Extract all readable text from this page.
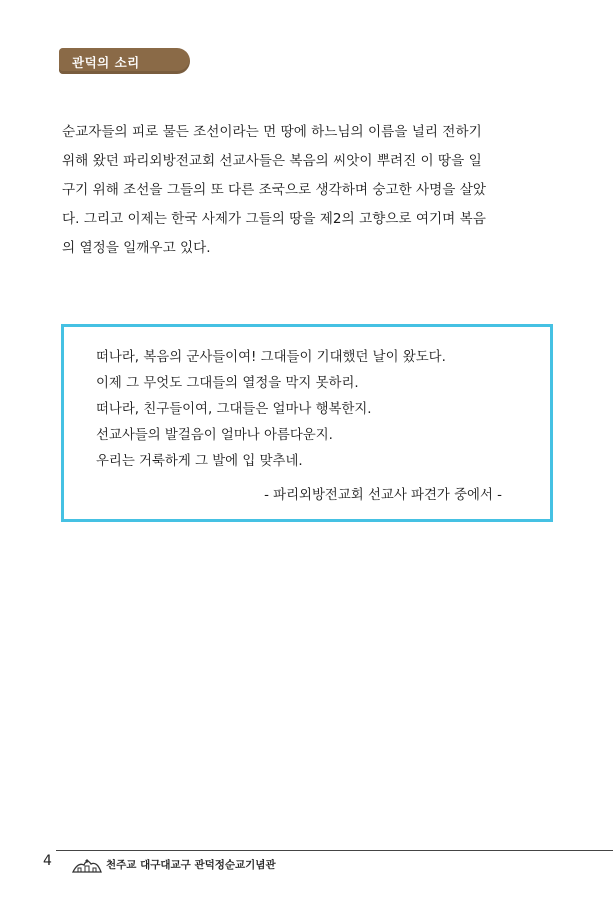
관덕의 소리
순교자들의 피로 물든 조선이라는 먼 땅에 하느님의 이름을 널리 전하기
위해 왔던 파리외방전교회 선교사들은 복음의 씨앗이 뿌려진 이 땅을 일
구기 위해 조선을 그들의 또 다른 조국으로 생각하며 숭고한 사명을 살았
다. 그리고 이제는 한국 사제가 그들의 땅을 제2의 고향으로 여기며 복음
의 열정을 일깨우고 있다.
떠나라, 복음의 군사들이여! 그대들이 기대했던 날이 왔도다.
이제 그 무엇도 그대들의 열정을 막지 못하리.
떠나라, 친구들이여, 그대들은 얼마나 행복한지.
선교사들의 발걸음이 얼마나 아름다운지.
우리는 거룩하게 그 발에 입 맞추네.
- 파리외방전교회 선교사 파견가 중에서 -
4	천주교 대구대교구 관덕정순교기념관
